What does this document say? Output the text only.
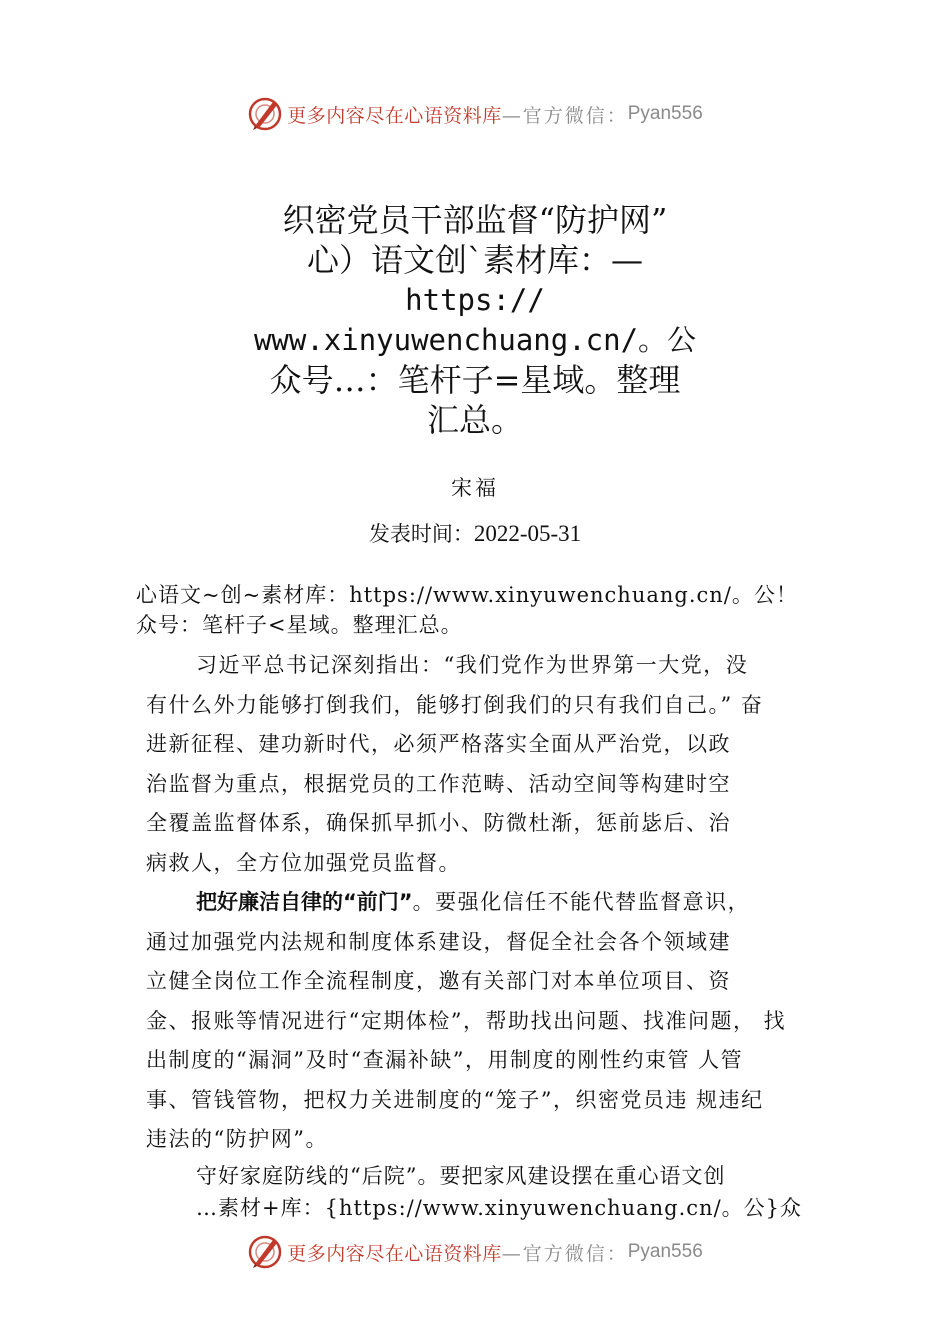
更多内容尽在心语资料库 —官方微信： Pyan556
织密党员干部监督“防护网”
心）语文创`素材库：—
https://
www.xinyuwenchuang.cn/。公
众号…：笔杆子=星域。整理
汇总。
宋福
发表时间：2022-05-31
心语文~创~素材库：https://www.xinyuwenchuang.cn/。公！
众号：笔杆子<星域。整理汇总。
习近平总书记深刻指出：“我们党作为世界第一大党，没
有什么外力能够打倒我们，能够打倒我们的只有我们自己。” 奋
进新征程、建功新时代，必须严格落实全面从严治党，以政
治监督为重点，根据党员的工作范畴、活动空间等构建时空
全覆盖监督体系，确保抓早抓小、防微杜渐，惩前毖后、治
病救人，全方位加强党员监督。
把好廉洁自律的“前门”。要强化信任不能代替监督意识，
通过加强党内法规和制度体系建设，督促全社会各个领域建
立健全岗位工作全流程制度，邀有关部门对本单位项目、资
金、报账等情况进行“定期体检”，帮助找出问题、找准问题， 找
出制度的“漏洞”及时“查漏补缺”，用制度的刚性约束管 人管
事、管钱管物，把权力关进制度的“笼子”，织密党员违 规违纪
违法的“防护网”。
守好家庭防线的“后院”。要把家风建设摆在重心语文创
…素材+库：{https://www.xinyuwenchuang.cn/。公}众
更多内容尽在心语资料库 —官方微信： Pyan556
